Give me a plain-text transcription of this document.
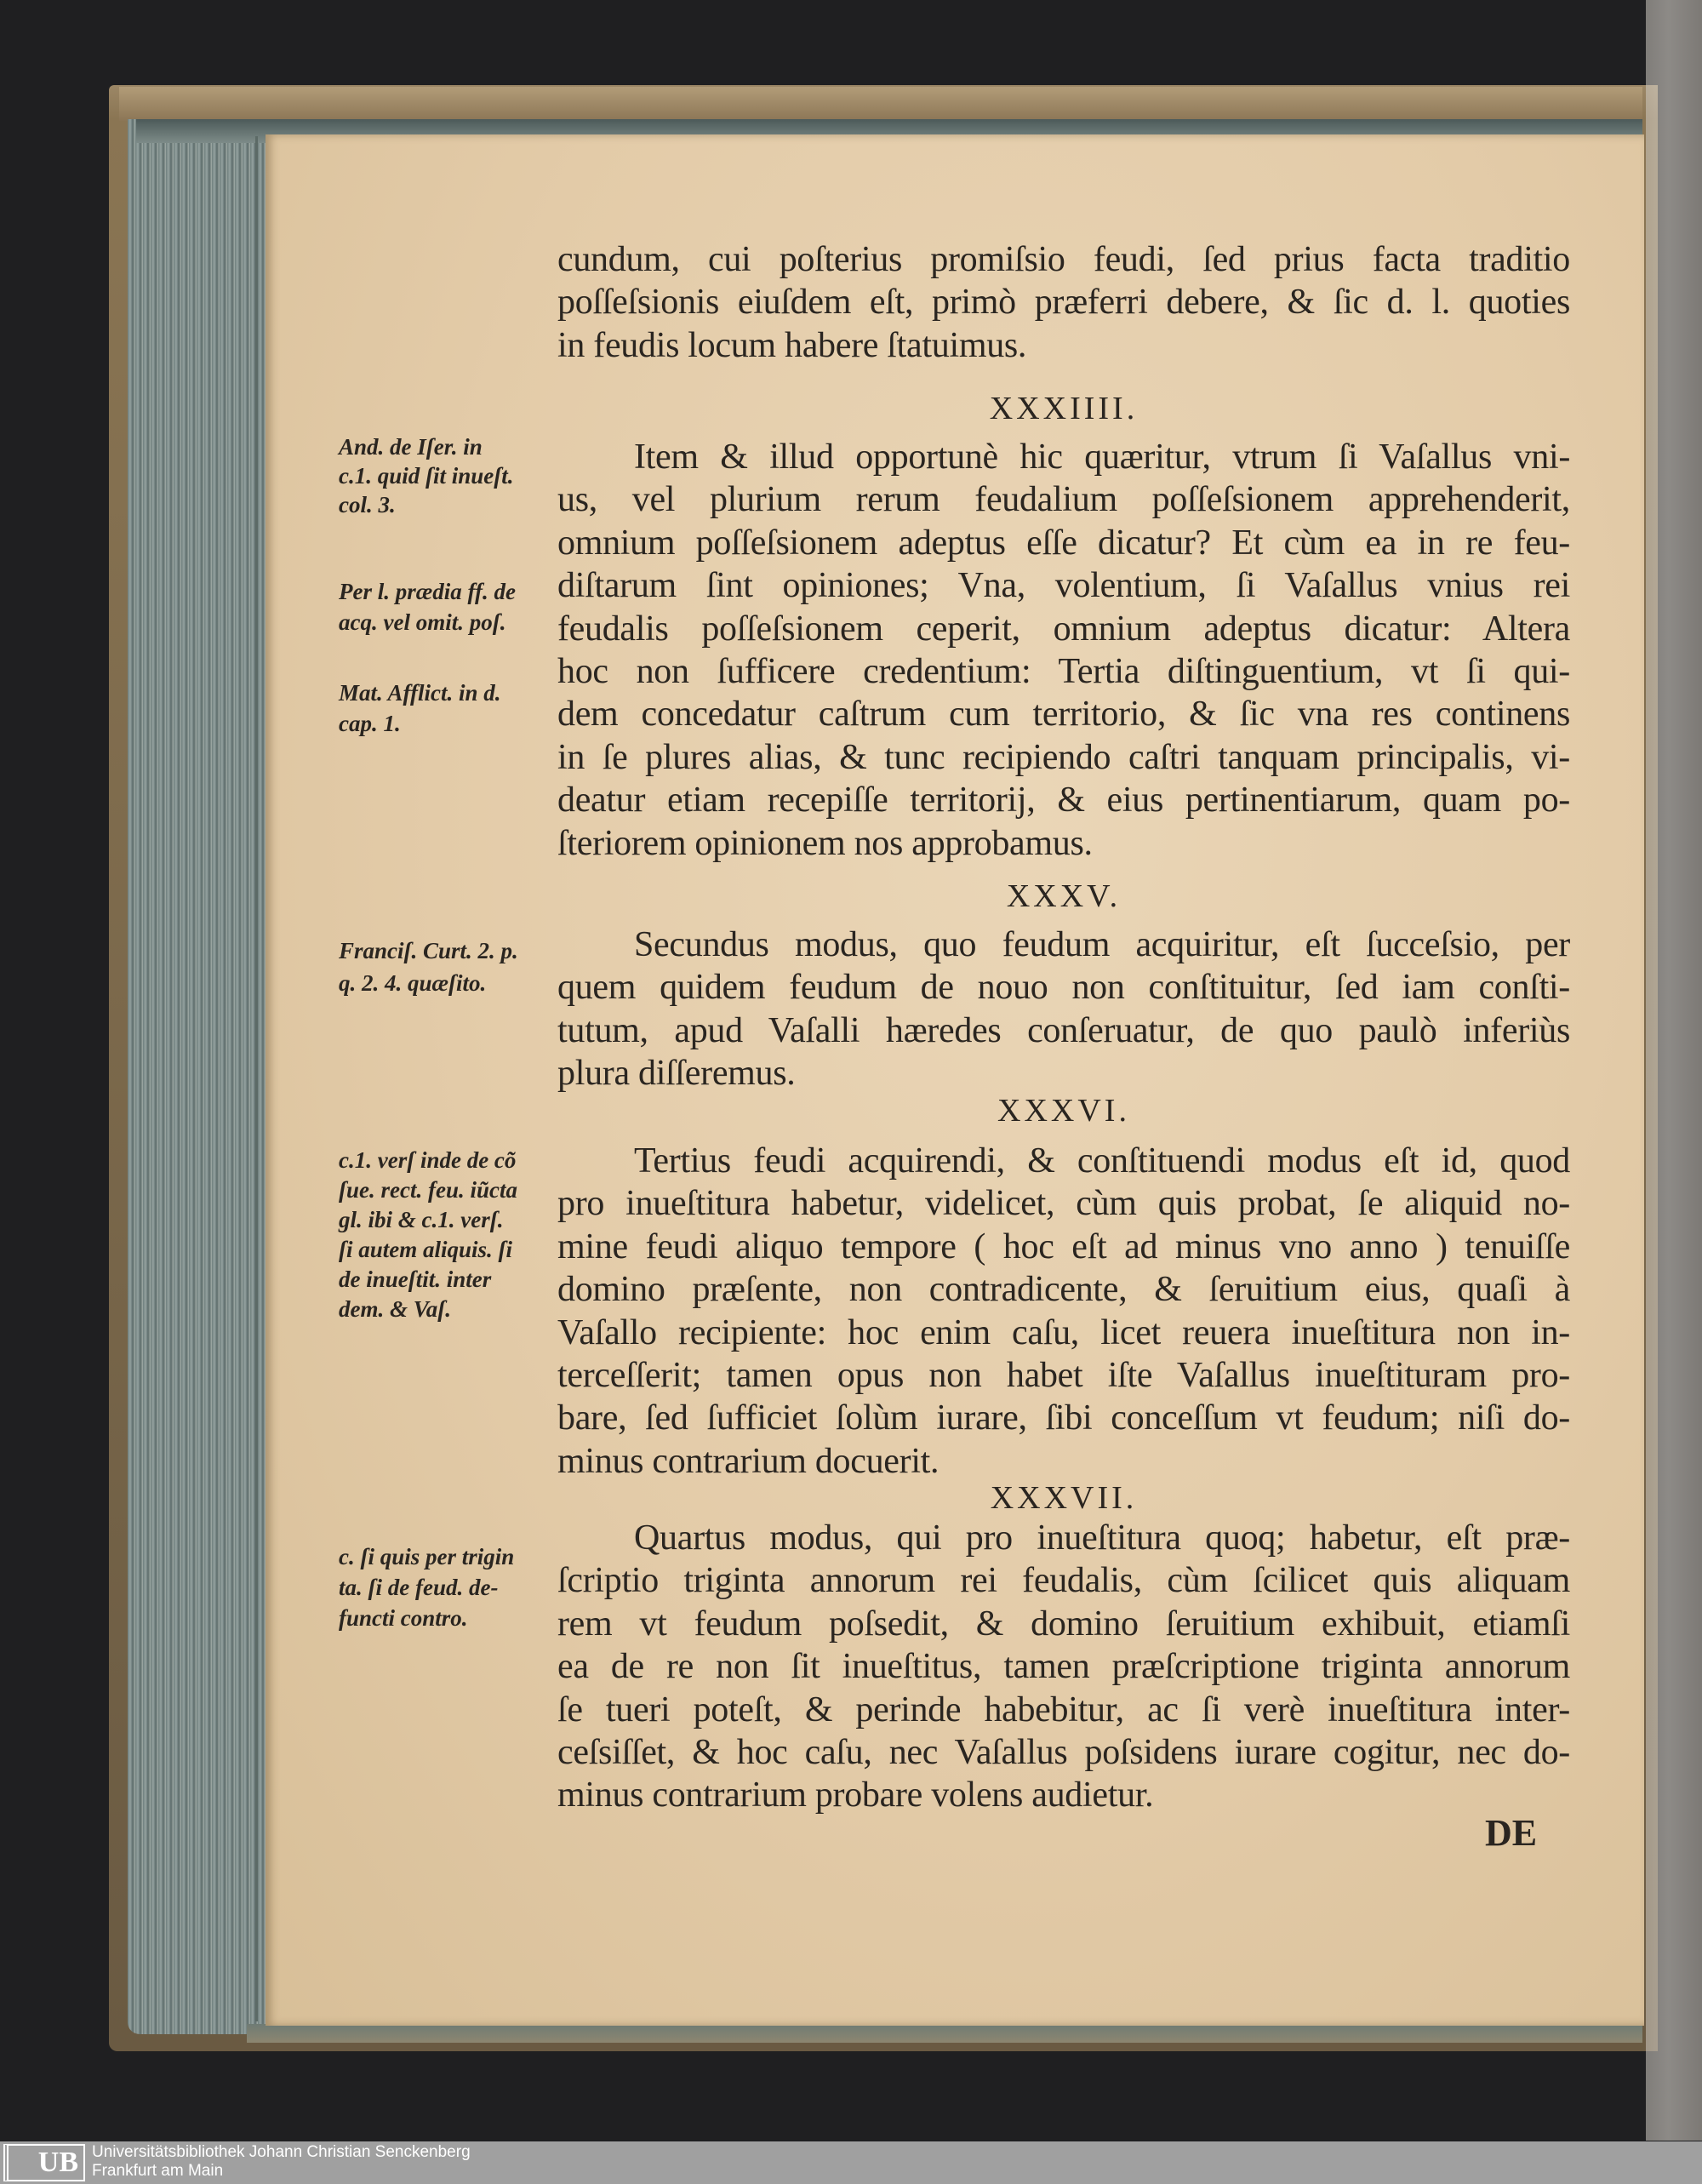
cundum, cui poſterius promiſsio feudi, ſed prius facta traditio
poſſeſsionis eiuſdem eſt, primò præferri debere, & ſic d. l. quoties
in feudis locum habere ſtatuimus.
XXXIIII.
Item & illud opportunè hic quæritur, vtrum ſi Vaſallus vni-
us, vel plurium rerum feudalium poſſeſsionem apprehenderit,
omnium poſſeſsionem adeptus eſſe dicatur? Et cùm ea in re feu-
diſtarum ſint opiniones; Vna, volentium, ſi Vaſallus vnius rei
feudalis poſſeſsionem ceperit, omnium adeptus dicatur: Altera
hoc non ſufficere credentium: Tertia diſtinguentium, vt ſi qui-
dem concedatur caſtrum cum territorio, & ſic vna res continens
in ſe plures alias, & tunc recipiendo caſtri tanquam principalis, vi-
deatur etiam recepiſſe territorij, & eius pertinentiarum, quam po-
ſteriorem opinionem nos approbamus.
XXXV.
Secundus modus, quo feudum acquiritur, eſt ſucceſsio, per
quem quidem feudum de nouo non conſtituitur, ſed iam conſti-
tutum, apud Vaſalli hæredes conſeruatur, de quo paulò inferiùs
plura diſſeremus.
XXXVI.
Tertius feudi acquirendi, & conſtituendi modus eſt id, quod
pro inueſtitura habetur, videlicet, cùm quis probat, ſe aliquid no-
mine feudi aliquo tempore ( hoc eſt ad minus vno anno ) tenuiſſe
domino præſente, non contradicente, & ſeruitium eius, quaſi à
Vaſallo recipiente: hoc enim caſu, licet reuera inueſtitura non in-
terceſſerit; tamen opus non habet iſte Vaſallus inueſtituram pro-
bare, ſed ſufficiet ſolùm iurare, ſibi conceſſum vt feudum; niſi do-
minus contrarium docuerit.
XXXVII.
Quartus modus, qui pro inueſtitura quoq; habetur, eſt præ-
ſcriptio triginta annorum rei feudalis, cùm ſcilicet quis aliquam
rem vt feudum poſsedit, & domino ſeruitium exhibuit, etiamſi
ea de re non ſit inueſtitus, tamen præſcriptione triginta annorum
ſe tueri poteſt, & perinde habebitur, ac ſi verè inueſtitura inter-
ceſsiſſet, & hoc caſu, nec Vaſallus poſsidens iurare cogitur, nec do-
minus contrarium probare volens audietur.
And. de Iſer. in
c.1. quid ſit inueſt.
col. 3.
Per l. prædia ff. de
acq. vel omit. poſ.
Mat. Afflict. in d.
cap. 1.
Franciſ. Curt. 2. p.
q. 2. 4. quæſito.
c.1. verſ inde de cõ
ſue. rect. feu. iũcta
gl. ibi & c.1. verſ.
ſi autem aliquis. ſi
de inueſtit. inter
dem. & Vaſ.
c. ſi quis per trigin
ta. ſi de feud. de-
functi contro.
DE
UB Universitätsbibliothek Johann Christian Senckenberg
Frankfurt am Main
